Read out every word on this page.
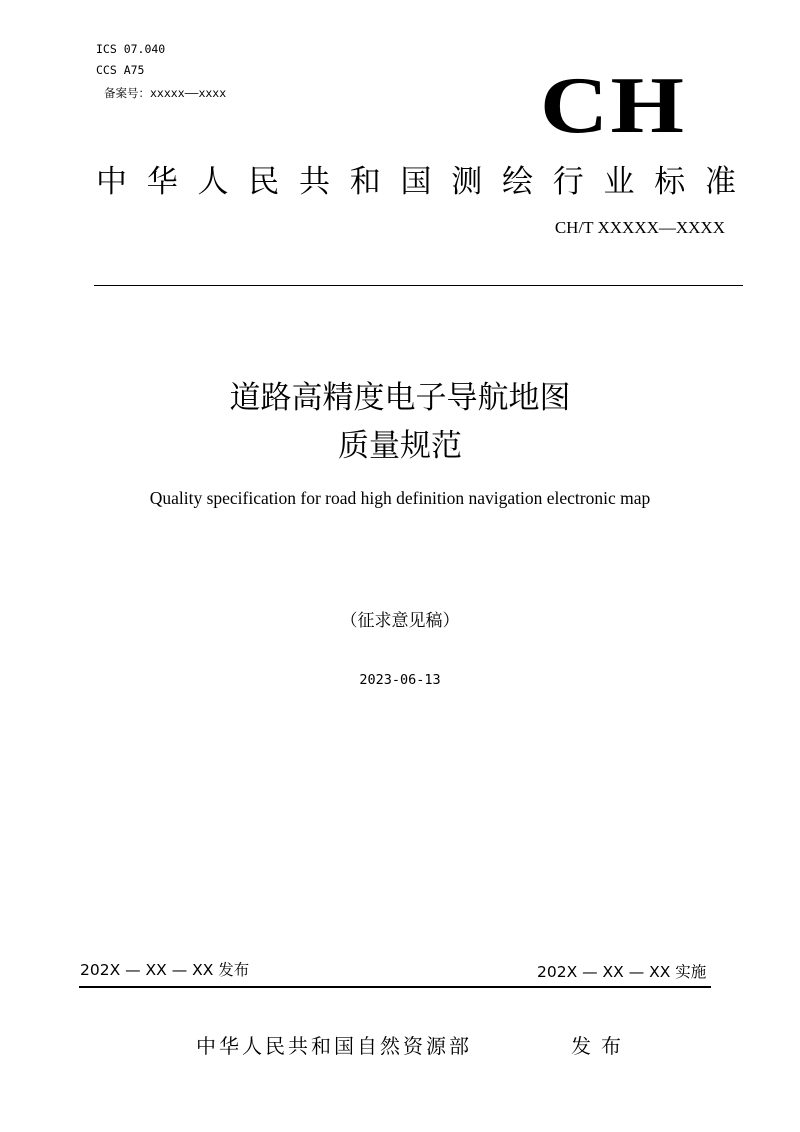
ICS 07.040
CCS A75
备案号：xxxxx——xxxx	CH
中 华 人 民 共 和 国 测 绘 行 业 标 准
CH/T XXXXX—XXXX
道路高精度电子导航地图
质量规范
Quality specification for road high definition navigation electronic map
（征求意见稿）
2023-06-13
202X — XX — XX 发布	202X — XX — XX 实施
中华人民共和国自然资源部	发布
